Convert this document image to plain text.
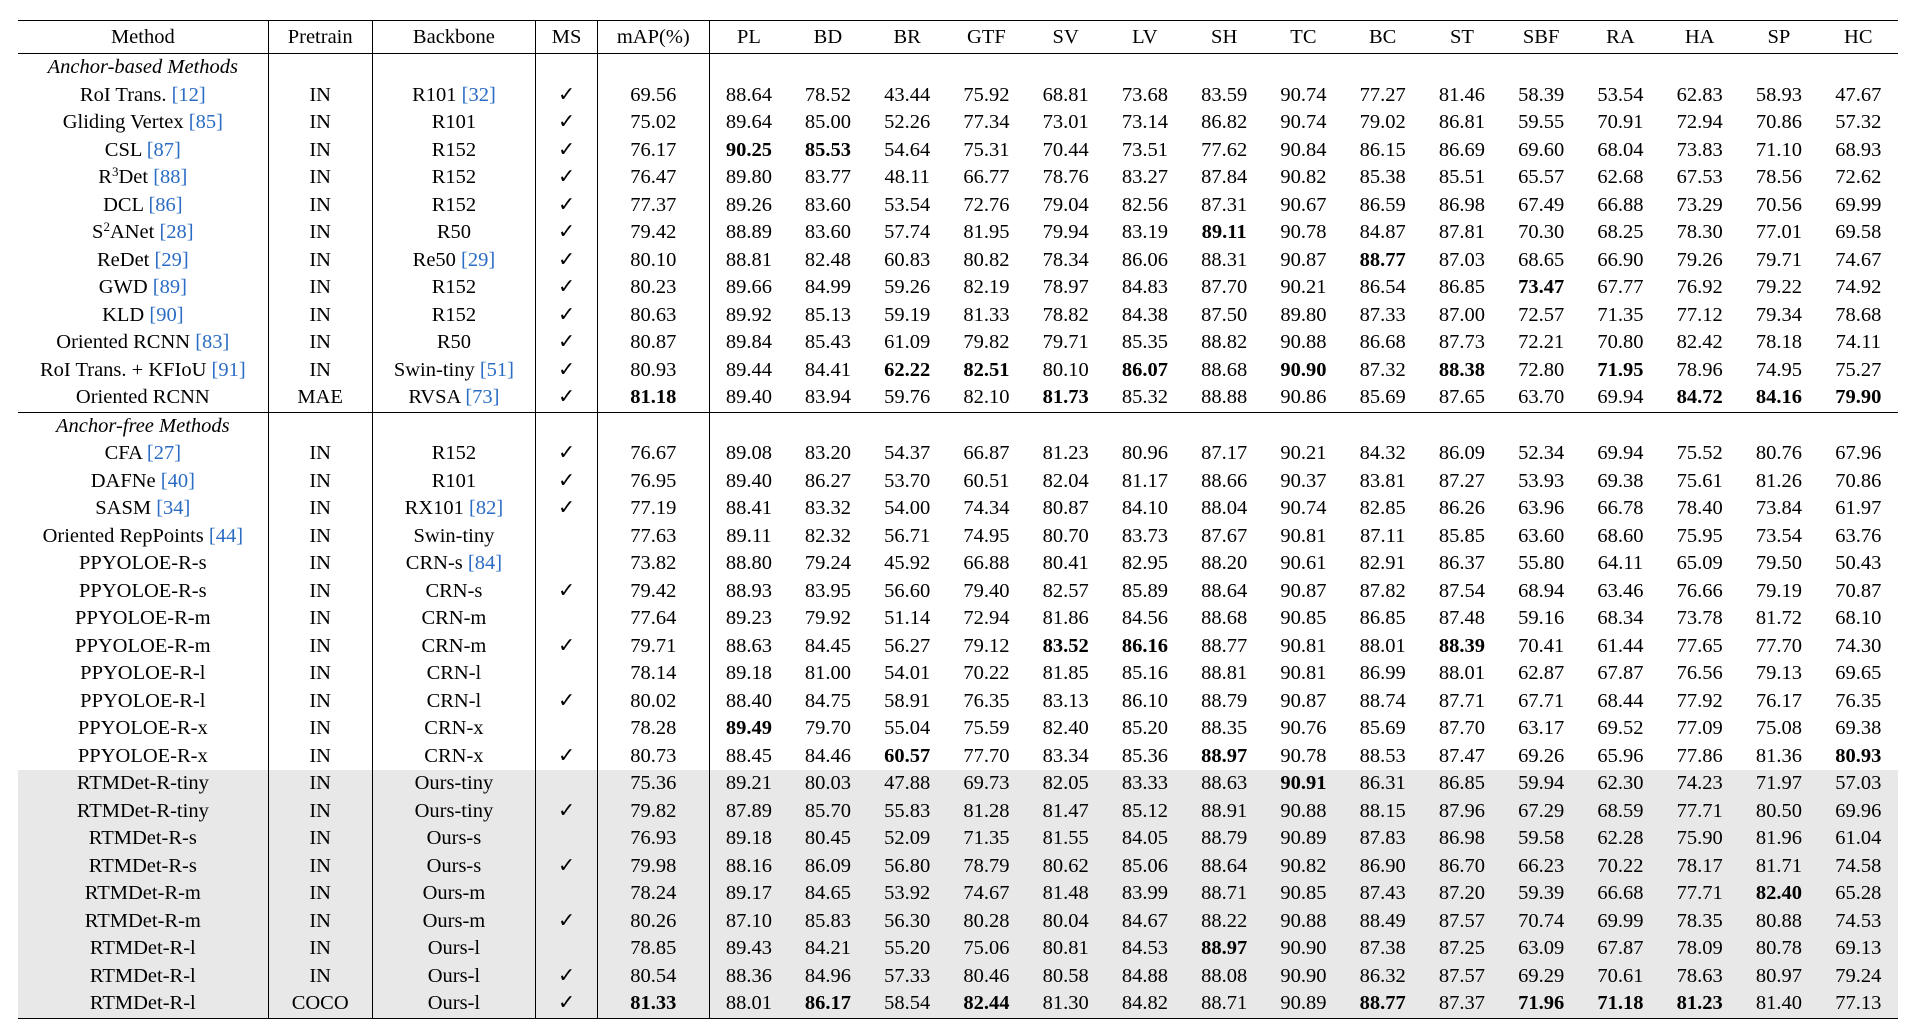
Method	Pretrain	Backbone	MS	mAP(%)	PL	BD	BR	GTF	SV	LV	SH	TC	BC	ST	SBF	RA	HA	SP	HC
Anchor-based Methods																			
RoI Trans. [12]	IN	R101 [32]	✓	69.56	88.64	78.52	43.44	75.92	68.81	73.68	83.59	90.74	77.27	81.46	58.39	53.54	62.83	58.93	47.67
Gliding Vertex [85]	IN	R101	✓	75.02	89.64	85.00	52.26	77.34	73.01	73.14	86.82	90.74	79.02	86.81	59.55	70.91	72.94	70.86	57.32
CSL [87]	IN	R152	✓	76.17	90.25	85.53	54.64	75.31	70.44	73.51	77.62	90.84	86.15	86.69	69.60	68.04	73.83	71.10	68.93
$R^3Det$ [88]	IN	R152	✓	76.47	89.80	83.77	48.11	66.77	78.76	83.27	87.84	90.82	85.38	85.51	65.57	62.68	67.53	78.56	72.62
DCL [86]	IN	R152	✓	77.37	89.26	83.60	53.54	72.76	79.04	82.56	87.31	90.67	86.59	86.98	67.49	66.88	73.29	70.56	69.99
$S^2ANet$ [28]	IN	R50	✓	79.42	88.89	83.60	57.74	81.95	79.94	83.19	89.11	90.78	84.87	87.81	70.30	68.25	78.30	77.01	69.58
ReDet [29]	IN	Re50 [29]	✓	80.10	88.81	82.48	60.83	80.82	78.34	86.06	88.31	90.87	88.77	87.03	68.65	66.90	79.26	79.71	74.67
GWD [89]	IN	R152	✓	80.23	89.66	84.99	59.26	82.19	78.97	84.83	87.70	90.21	86.54	86.85	73.47	67.77	76.92	79.22	74.92
KLD [90]	IN	R152	✓	80.63	89.92	85.13	59.19	81.33	78.82	84.38	87.50	89.80	87.33	87.00	72.57	71.35	77.12	79.34	78.68
Oriented RCNN [83]	IN	R50	✓	80.87	89.84	85.43	61.09	79.82	79.71	85.35	88.82	90.88	86.68	87.73	72.21	70.80	82.42	78.18	74.11
RoI Trans. + KFIoU [91]	IN	Swin-tiny [51]	✓	80.93	89.44	84.41	62.22	82.51	80.10	86.07	88.68	90.90	87.32	88.38	72.80	71.95	78.96	74.95	75.27
Oriented RCNN	MAE	RVSA [73]	✓	81.18	89.40	83.94	59.76	82.10	81.73	85.32	88.88	90.86	85.69	87.65	63.70	69.94	84.72	84.16	79.90
Anchor-free Methods																			
CFA [27]	IN	R152	✓	76.67	89.08	83.20	54.37	66.87	81.23	80.96	87.17	90.21	84.32	86.09	52.34	69.94	75.52	80.76	67.96
DAFNe [40]	IN	R101	✓	76.95	89.40	86.27	53.70	60.51	82.04	81.17	88.66	90.37	83.81	87.27	53.93	69.38	75.61	81.26	70.86
SASM [34]	IN	RX101 [82]	✓	77.19	88.41	83.32	54.00	74.34	80.87	84.10	88.04	90.74	82.85	86.26	63.96	66.78	78.40	73.84	61.97
Oriented RepPoints [44]	IN	Swin-tiny		77.63	89.11	82.32	56.71	74.95	80.70	83.73	87.67	90.81	87.11	85.85	63.60	68.60	75.95	73.54	63.76
PPYOLOE-R-s	IN	CRN-s [84]		73.82	88.80	79.24	45.92	66.88	80.41	82.95	88.20	90.61	82.91	86.37	55.80	64.11	65.09	79.50	50.43
PPYOLOE-R-s	IN	CRN-s	✓	79.42	88.93	83.95	56.60	79.40	82.57	85.89	88.64	90.87	87.82	87.54	68.94	63.46	76.66	79.19	70.87
PPYOLOE-R-m	IN	CRN-m		77.64	89.23	79.92	51.14	72.94	81.86	84.56	88.68	90.85	86.85	87.48	59.16	68.34	73.78	81.72	68.10
PPYOLOE-R-m	IN	CRN-m	✓	79.71	88.63	84.45	56.27	79.12	83.52	86.16	88.77	90.81	88.01	88.39	70.41	61.44	77.65	77.70	74.30
PPYOLOE-R-l	IN	CRN-l		78.14	89.18	81.00	54.01	70.22	81.85	85.16	88.81	90.81	86.99	88.01	62.87	67.87	76.56	79.13	69.65
PPYOLOE-R-l	IN	CRN-l	✓	80.02	88.40	84.75	58.91	76.35	83.13	86.10	88.79	90.87	88.74	87.71	67.71	68.44	77.92	76.17	76.35
PPYOLOE-R-x	IN	CRN-x		78.28	89.49	79.70	55.04	75.59	82.40	85.20	88.35	90.76	85.69	87.70	63.17	69.52	77.09	75.08	69.38
PPYOLOE-R-x	IN	CRN-x	✓	80.73	88.45	84.46	60.57	77.70	83.34	85.36	88.97	90.78	88.53	87.47	69.26	65.96	77.86	81.36	80.93
RTMDet-R-tiny	IN	Ours-tiny		75.36	89.21	80.03	47.88	69.73	82.05	83.33	88.63	90.91	86.31	86.85	59.94	62.30	74.23	71.97	57.03
RTMDet-R-tiny	IN	Ours-tiny	✓	79.82	87.89	85.70	55.83	81.28	81.47	85.12	88.91	90.88	88.15	87.96	67.29	68.59	77.71	80.50	69.96
RTMDet-R-s	IN	Ours-s		76.93	89.18	80.45	52.09	71.35	81.55	84.05	88.79	90.89	87.83	86.98	59.58	62.28	75.90	81.96	61.04
RTMDet-R-s	IN	Ours-s	✓	79.98	88.16	86.09	56.80	78.79	80.62	85.06	88.64	90.82	86.90	86.70	66.23	70.22	78.17	81.71	74.58
RTMDet-R-m	IN	Ours-m		78.24	89.17	84.65	53.92	74.67	81.48	83.99	88.71	90.85	87.43	87.20	59.39	66.68	77.71	82.40	65.28
RTMDet-R-m	IN	Ours-m	✓	80.26	87.10	85.83	56.30	80.28	80.04	84.67	88.22	90.88	88.49	87.57	70.74	69.99	78.35	80.88	74.53
RTMDet-R-l	IN	Ours-l		78.85	89.43	84.21	55.20	75.06	80.81	84.53	88.97	90.90	87.38	87.25	63.09	67.87	78.09	80.78	69.13
RTMDet-R-l	IN	Ours-l	✓	80.54	88.36	84.96	57.33	80.46	80.58	84.88	88.08	90.90	86.32	87.57	69.29	70.61	78.63	80.97	79.24
RTMDet-R-l	COCO	Ours-l	✓	81.33	88.01	86.17	58.54	82.44	81.30	84.82	88.71	90.89	88.77	87.37	71.96	71.18	81.23	81.40	77.13
